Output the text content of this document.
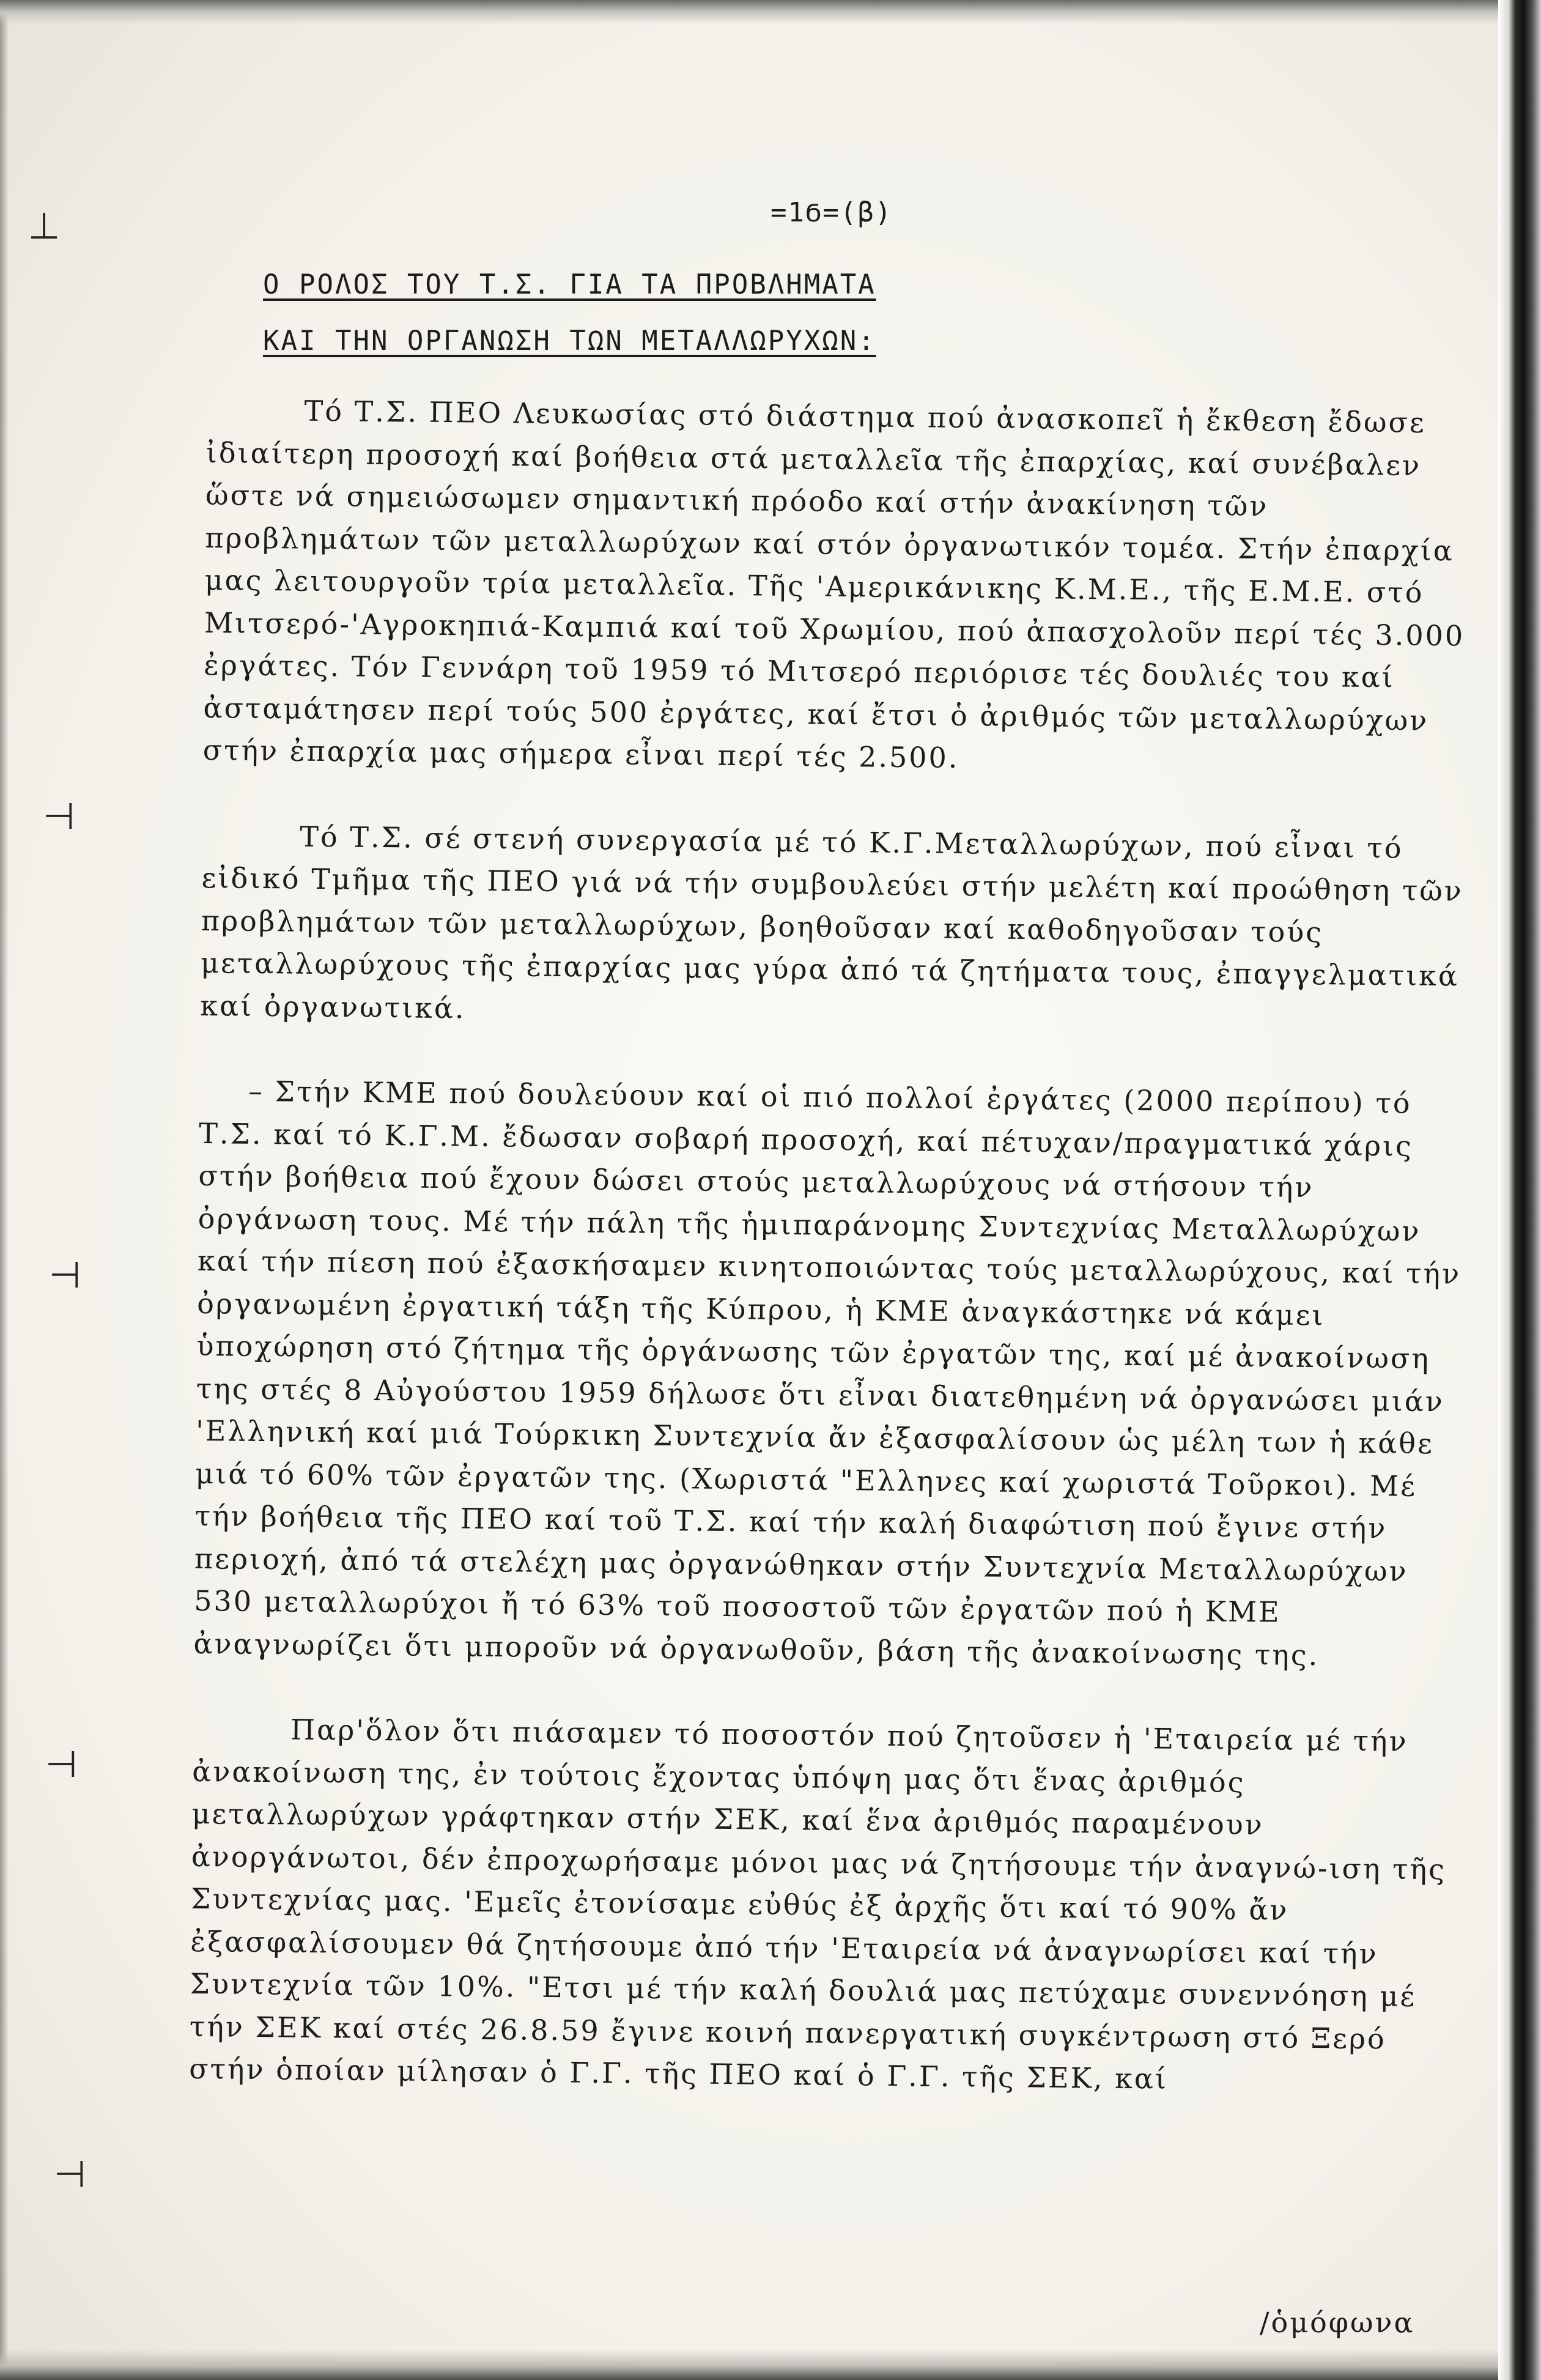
⊥
⊣
⊣
⊣
⊣
=1Ϭ=(β)
Ο ΡΟΛΟΣ ΤΟΥ Τ.Σ. ΓΙΑ ΤΑ ΠΡΟΒΛΗΜΑΤΑ
ΚΑΙ ΤΗΝ ΟΡΓΑΝΩΣΗ ΤΩΝ ΜΕΤΑΛΛΩΡΥΧΩΝ:

Τό Τ.Σ. ΠΕΟ Λευκωσίας στό διάστημα πού ἀνασκοπεῖ ἡ ἔκθεση ἔδωσε ἰδιαίτερη προσοχή καί βοήθεια στά μεταλλεῖα τῆς ἐπαρχίας, καί συνέβαλεν ὥστε νά σημειώσωμεν σημαντική πρόοδο καί στήν ἀνακίνηση τῶν προβλημάτων τῶν μεταλλωρύχων καί στόν ὀργανωτικόν τομέα. Στήν ἐπαρχία μας λειτουργοῦν τρία μεταλλεῖα. Τῆς 'Αμερικάνικης Κ.Μ.Ε., τῆς Ε.Μ.Ε. στό Μιτσερό-'Αγροκηπιά-Καμπιά καί τοῦ Χρωμίου, πού ἀπασχολοῦν περί τές 3.000 ἐργάτες. Τόν Γεννάρη τοῦ 1959 τό Μιτσερό περιόρισε τές δουλιές του καί ἀσταμάτησεν περί τούς 500 ἐργάτες, καί ἔτσι ὁ ἀριθμός τῶν μεταλλωρύχων στήν ἐπαρχία μας σήμερα εἶναι περί τές 2.500.

Τό Τ.Σ. σέ στενή συνεργασία μέ τό Κ.Γ.Μεταλλωρύχων, πού εἶναι τό εἰδικό Τμῆμα τῆς ΠΕΟ γιά νά τήν συμβουλεύει στήν μελέτη καί προώθηση τῶν προβλημάτων τῶν μεταλλωρύχων, βοηθοῦσαν καί καθοδηγοῦσαν τούς μεταλλωρύχους τῆς ἐπαρχίας μας γύρα ἀπό τά ζητήματα τους, ἐπαγγελματικά καί ὀργανωτικά.

– Στήν ΚΜΕ πού δουλεύουν καί οἱ πιό πολλοί ἐργάτες (2000 περίπου) τό Τ.Σ. καί τό Κ.Γ.Μ. ἔδωσαν σοβαρή προσοχή, καί πέτυχαν/πραγματικά χάρις στήν βοήθεια πού ἔχουν δώσει στούς μεταλλωρύχους νά στήσουν τήν ὀργάνωση τους. Μέ τήν πάλη τῆς ἡμιπαράνομης Συντεχνίας Μεταλλωρύχων καί τήν πίεση πού ἐξασκήσαμεν κινητοποιώντας τούς μεταλλωρύχους, καί τήν ὀργανωμένη ἐργατική τάξη τῆς Κύπρου, ἡ ΚΜΕ ἀναγκάστηκε νά κάμει ὑποχώρηση στό ζήτημα τῆς ὀργάνωσης τῶν ἐργατῶν της, καί μέ ἀνακοίνωση της στές 8 Αὐγούστου 1959 δήλωσε ὅτι εἶναι διατεθημένη νά ὀργανώσει μιάν 'Ελληνική καί μιά Τούρκικη Συντεχνία ἄν ἐξασφαλίσουν ὡς μέλη των ἡ κάθε μιά τό 60% τῶν ἐργατῶν της. (Χωριστά "Ελληνες καί χωριστά Τοῦρκοι). Μέ τήν βοήθεια τῆς ΠΕΟ καί τοῦ Τ.Σ. καί τήν καλή διαφώτιση πού ἔγινε στήν περιοχή, ἀπό τά στελέχη μας ὀργανώθηκαν στήν Συντεχνία Μεταλλωρύχων 530 μεταλλωρύχοι ἤ τό 63% τοῦ ποσοστοῦ τῶν ἐργατῶν πού ἡ ΚΜΕ ἀναγνωρίζει ὅτι μποροῦν νά ὀργανωθοῦν, βάση τῆς ἀνακοίνωσης της.

Παρ'ὅλον ὅτι πιάσαμεν τό ποσοστόν πού ζητοῦσεν ἡ 'Εταιρεία μέ τήν ἀνακοίνωση της, ἐν τούτοις ἔχοντας ὑπόψη μας ὅτι ἕνας ἀριθμός μεταλλωρύχων γράφτηκαν στήν ΣΕΚ, καί ἕνα ἀριθμός παραμένουν ἀνοργάνωτοι, δέν ἐπροχωρήσαμε μόνοι μας νά ζητήσουμε τήν ἀναγνώ-ιση τῆς Συντεχνίας μας. 'Εμεῖς ἐτονίσαμε εὐθύς ἐξ ἀρχῆς ὅτι καί τό 90% ἄν ἐξασφαλίσουμεν θά ζητήσουμε ἀπό τήν 'Εταιρεία νά ἀναγνωρίσει καί τήν Συντεχνία τῶν 10%. "Ετσι μέ τήν καλή δουλιά μας πετύχαμε συνεννόηση μέ τήν ΣΕΚ καί στές 26.8.59 ἔγινε κοινή πανεργατική συγκέντρωση στό Ξερό στήν ὁποίαν μίλησαν ὁ Γ.Γ. τῆς ΠΕΟ καί ὁ Γ.Γ. τῆς ΣΕΚ, καί

/ὁμόφωνα
